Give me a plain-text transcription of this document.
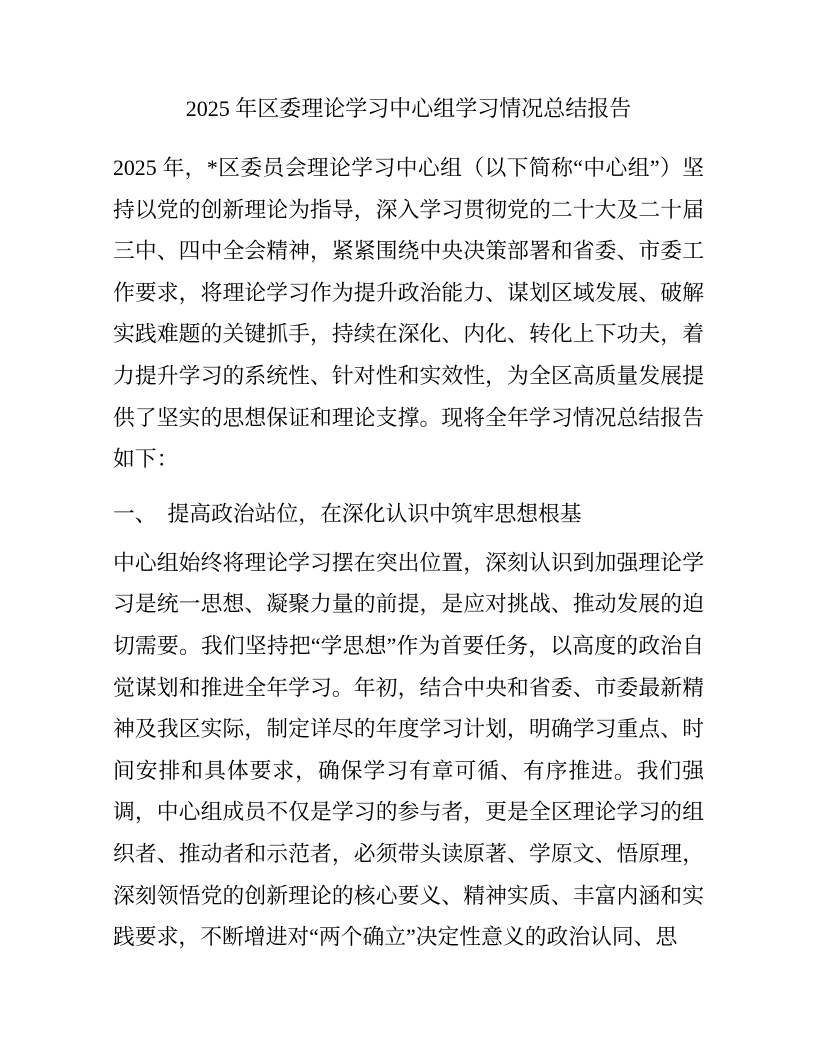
2025 年区委理论学习中心组学习情况总结报告

2025 年，*区委员会理论学习中心组（以下简称“中心组”）坚持以党的创新理论为指导，深入学习贯彻党的二十大及二十届三中、四中全会精神，紧紧围绕中央决策部署和省委、市委工作要求，将理论学习作为提升政治能力、谋划区域发展、破解实践难题的关键抓手，持续在深化、内化、转化上下功夫，着力提升学习的系统性、针对性和实效性，为全区高质量发展提供了坚实的思想保证和理论支撑。现将全年学习情况总结报告如下：

一、 提高政治站位，在深化认识中筑牢思想根基

中心组始终将理论学习摆在突出位置，深刻认识到加强理论学习是统一思想、凝聚力量的前提，是应对挑战、推动发展的迫切需要。我们坚持把“学思想”作为首要任务，以高度的政治自觉谋划和推进全年学习。年初，结合中央和省委、市委最新精神及我区实际，制定详尽的年度学习计划，明确学习重点、时间安排和具体要求，确保学习有章可循、有序推进。我们强调，中心组成员不仅是学习的参与者，更是全区理论学习的组织者、推动者和示范者，必须带头读原著、学原文、悟原理，深刻领悟党的创新理论的核心要义、精神实质、丰富内涵和实践要求，不断增进对“两个确立”决定性意义的政治认同、思
